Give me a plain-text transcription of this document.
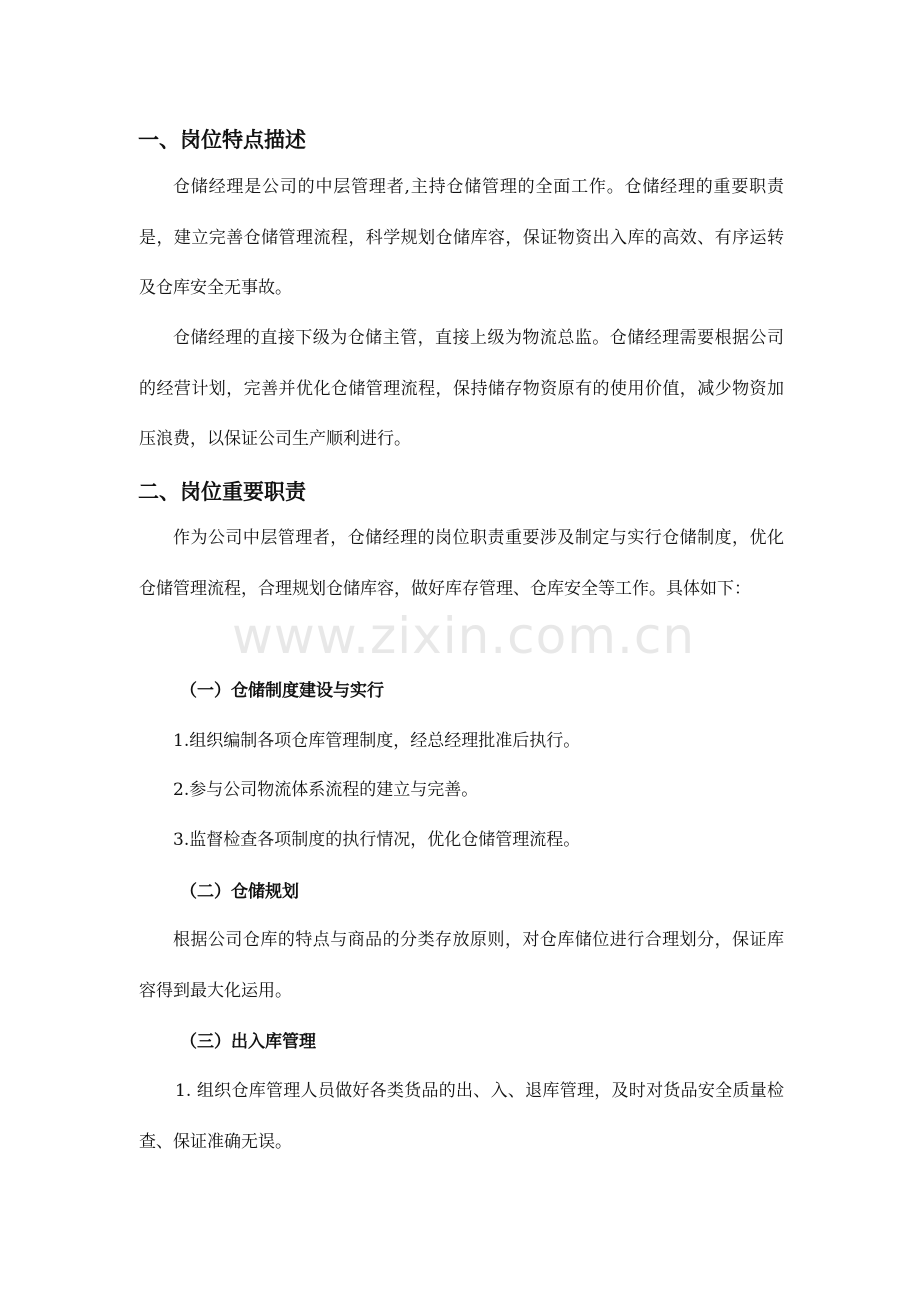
一、岗位特点描述
仓储经理是公司的中层管理者,主持仓储管理的全面工作。仓储经理的重要职责是，建立完善仓储管理流程，科学规划仓储库容，保证物资出入库的高效、有序运转及仓库安全无事故。
仓储经理的直接下级为仓储主管，直接上级为物流总监。仓储经理需要根据公司的经营计划，完善并优化仓储管理流程，保持储存物资原有的使用价值，减少物资加压浪费，以保证公司生产顺利进行。
二、岗位重要职责
作为公司中层管理者，仓储经理的岗位职责重要涉及制定与实行仓储制度，优化仓储管理流程，合理规划仓储库容，做好库存管理、仓库安全等工作。具体如下：
（一）仓储制度建设与实行
1.组织编制各项仓库管理制度，经总经理批准后执行。
2.参与公司物流体系流程的建立与完善。
3.监督检查各项制度的执行情况，优化仓储管理流程。
（二）仓储规划
根据公司仓库的特点与商品的分类存放原则，对仓库储位进行合理划分，保证库容得到最大化运用。
（三）出入库管理
1. 组织仓库管理人员做好各类货品的出、入、退库管理，及时对货品安全质量检查、保证准确无误。
www.zixin.com.cn
